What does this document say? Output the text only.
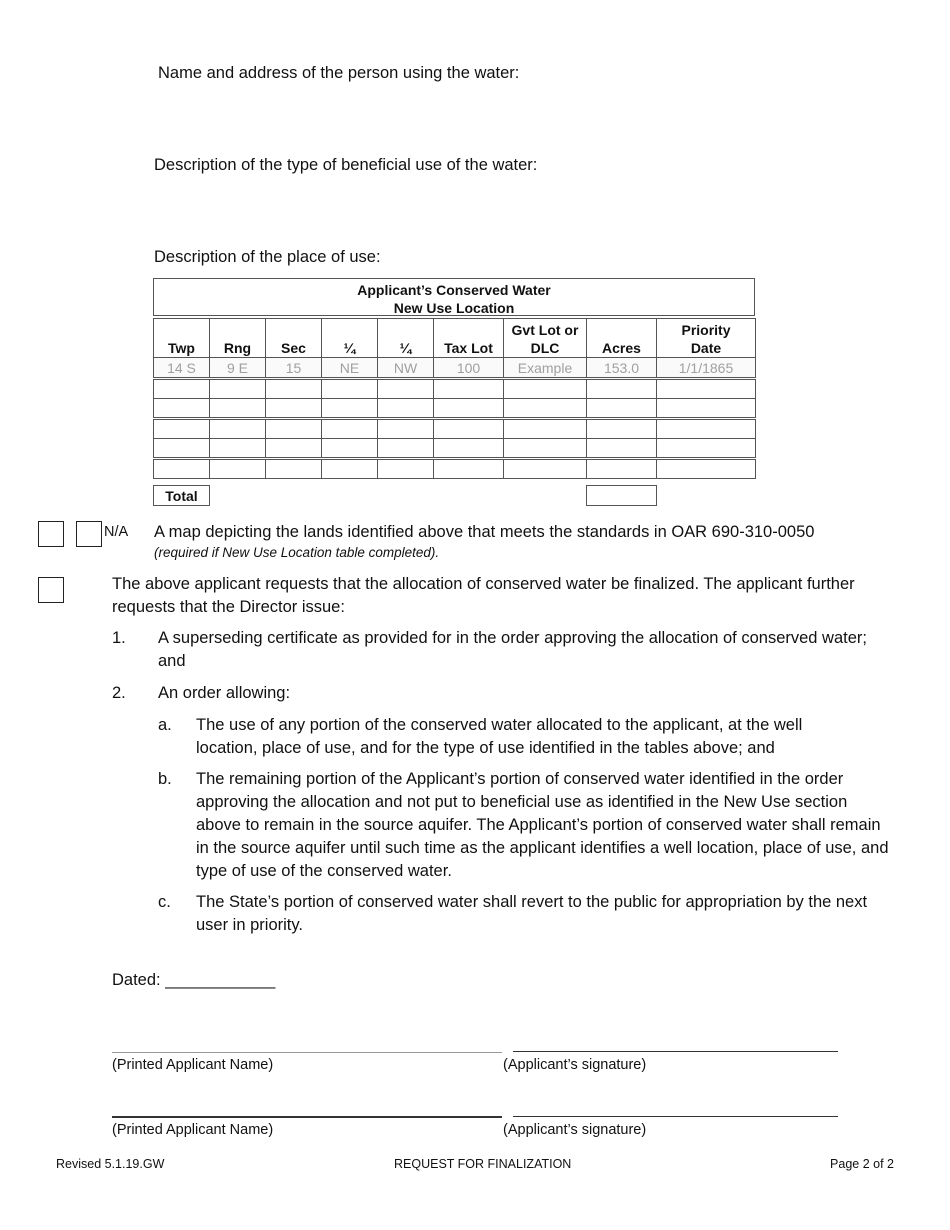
Name and address of the person using the water:
Description of the type of beneficial use of the water:
Description of the place of use:
Applicant’s Conserved Water
New Use Location
Twp	Rng	Sec	¼	¼	Tax Lot	Gvt Lot or DLC	Acres	Priority Date
14 S	9 E	15	NE	NW	100	Example	153.0	1/1/1865

Total
N/A A map depicting the lands identified above that meets the standards in OAR 690-310-0050
(required if New Use Location table completed).
The above applicant requests that the allocation of conserved water be finalized. The applicant further requests that the Director issue:
1. A superseding certificate as provided for in the order approving the allocation of conserved water; and
2. An order allowing:
a. The use of any portion of the conserved water allocated to the applicant, at the well location, place of use, and for the type of use identified in the tables above; and
b. The remaining portion of the Applicant’s portion of conserved water identified in the order approving the allocation and not put to beneficial use as identified in the New Use section above to remain in the source aquifer. The Applicant’s portion of conserved water shall remain in the source aquifer until such time as the applicant identifies a well location, place of use, and type of use of the conserved water.
c. The State’s portion of conserved water shall revert to the public for appropriation by the next user in priority.
Dated: ____________
(Printed Applicant Name)	(Applicant’s signature)
(Printed Applicant Name)	(Applicant’s signature)
Revised 5.1.19.GW	REQUEST FOR FINALIZATION	Page 2 of 2
